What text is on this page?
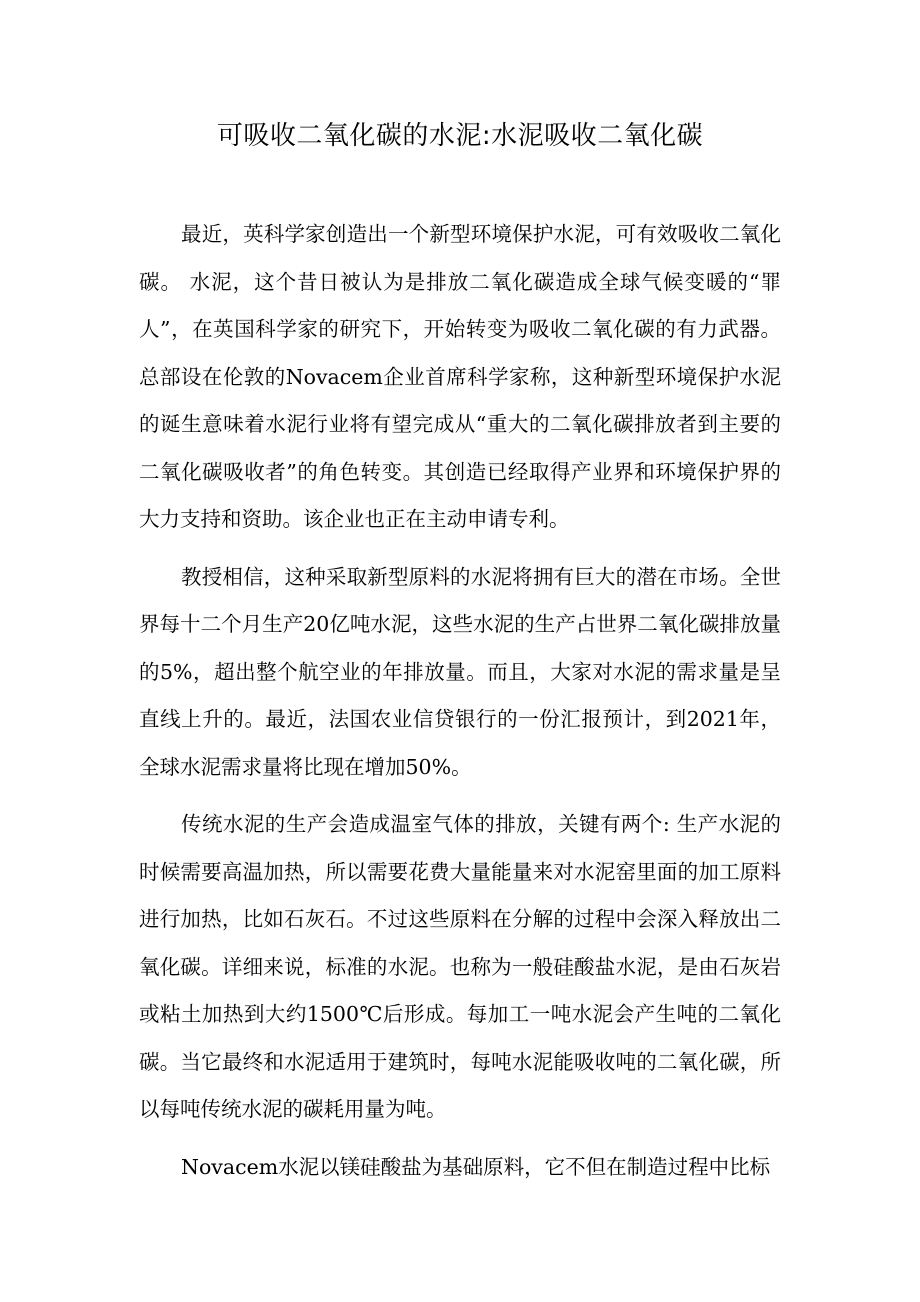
可吸收二氧化碳的水泥:水泥吸收二氧化碳

最近，英科学家创造出一个新型环境保护水泥，可有效吸收二氧化碳。 水泥，这个昔日被认为是排放二氧化碳造成全球气候变暖的“罪人”，在英国科学家的研究下，开始转变为吸收二氧化碳的有力武器。总部设在伦敦的Novacem企业首席科学家称，这种新型环境保护水泥的诞生意味着水泥行业将有望完成从“重大的二氧化碳排放者到主要的二氧化碳吸收者”的角色转变。其创造已经取得产业界和环境保护界的大力支持和资助。该企业也正在主动申请专利。

教授相信，这种采取新型原料的水泥将拥有巨大的潜在市场。全世界每十二个月生产20亿吨水泥，这些水泥的生产占世界二氧化碳排放量的5%，超出整个航空业的年排放量。而且，大家对水泥的需求量是呈直线上升的。最近，法国农业信贷银行的一份汇报预计，到2021年，全球水泥需求量将比现在增加50%。

传统水泥的生产会造成温室气体的排放，关键有两个: 生产水泥的时候需要高温加热，所以需要花费大量能量来对水泥窑里面的加工原料进行加热，比如石灰石。不过这些原料在分解的过程中会深入释放出二氧化碳。详细来说，标准的水泥。也称为一般硅酸盐水泥，是由石灰岩或粘土加热到大约1500℃后形成。每加工一吨水泥会产生吨的二氧化碳。当它最终和水泥适用于建筑时，每吨水泥能吸收吨的二氧化碳，所以每吨传统水泥的碳耗用量为吨。

Novacem水泥以镁硅酸盐为基础原料，它不但在制造过程中比标
